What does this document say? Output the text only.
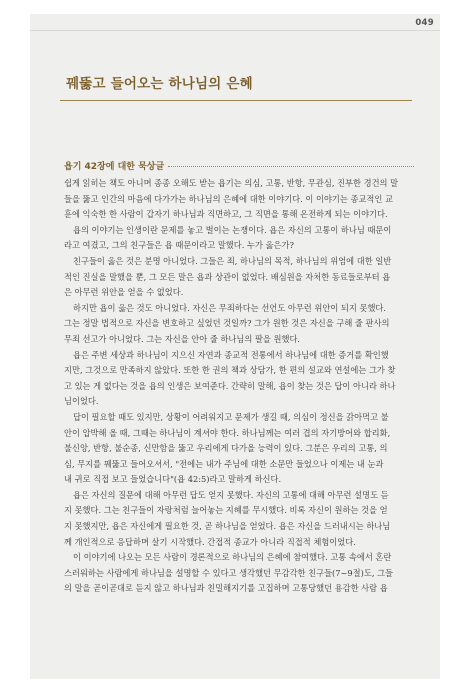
049
꿰뚫고 들어오는 하나님의 은혜
욥기 42장에 대한 묵상글
쉽게 읽히는 책도 아니며 종종 오해도 받는 욥기는 의심, 고통, 반항, 무관심, 진부한 경건의 말
들을 뚫고 인간의 마음에 다가가는 하나님의 은혜에 대한 이야기다. 이 이야기는 종교적인 교
훈에 익숙한 한 사람이 갑자기 하나님과 직면하고, 그 직면을 통해 온전하게 되는 이야기다.
욥의 이야기는 인생이란 문제를 놓고 벌이는 논쟁이다. 욥은 자신의 고통이 하나님 때문이
라고 여겼고, 그의 친구들은 욥 때문이라고 말했다. 누가 옳은가?
친구들이 옳은 것은 분명 아니었다. 그들은 죄, 하나님의 목적, 하나님의 위엄에 대한 일반
적인 진실을 말했을 뿐, 그 모든 말은 욥과 상관이 없었다. 배심원을 자처한 동료들로부터 욥
은 아무런 위안을 얻을 수 없었다.
하지만 욥이 옳은 것도 아니었다. 자신은 무죄하다는 선언도 아무런 위안이 되지 못했다.
그는 정말 법적으로 자신을 변호하고 싶었던 것일까? 그가 원한 것은 자신을 구해 줄 판사의
무죄 선고가 아니었다. 그는 자신을 안아 줄 하나님의 팔을 원했다.
욥은 주변 세상과 하나님이 지으신 자연과 종교적 전통에서 하나님에 대한 증거를 확인했
지만, 그것으로 만족하지 않았다. 또한 한 권의 책과 상담가, 한 편의 설교와 연설에는 그가 찾
고 있는 게 없다는 것을 욥의 인생은 보여준다. 간략히 말해, 욥이 찾는 것은 답이 아니라 하나
님이었다.
답이 필요할 때도 있지만, 상황이 어려워지고 문제가 생길 때, 의심이 정신을 갉아먹고 불
안이 압박해 올 때, 그때는 하나님이 계셔야 한다. 하나님께는 여러 겹의 자기방어와 합리화,
불신앙, 반항, 불순종, 신만함을 뚫고 우리에게 다가올 능력이 있다. 그분은 우리의 고통, 의
심, 무지를 꿰뚫고 들어오셔서, "전에는 내가 주님에 대한 소문만 들었으나 이제는 내 눈과
내 귀로 직접 보고 들었습니다"(욥 42:5)라고 말하게 하신다.
욥은 자신의 질문에 대해 아무런 답도 얻지 못했다. 자신의 고통에 대해 아무런 설명도 듣
지 못했다. 그는 친구들이 자랑처럼 늘어놓는 지혜를 무시했다. 비록 자신이 원하는 것을 얻
지 못했지만, 욥은 자신에게 필요한 것, 곧 하나님을 얻었다. 욥은 자신을 드러내시는 하나님
께 개인적으로 응답하며 살기 시작했다. 간접적 종교가 아니라 직접적 체험이었다.
이 이야기에 나오는 모든 사람이 경론적으로 하나님의 은혜에 참여했다. 고통 속에서 혼란
스러워하는 사람에게 하나님을 설명할 수 있다고 생각했던 무감각한 친구들(7~9절)도, 그들
의 말을 곧이곧대로 듣지 않고 하나님과 친밀해지기를 고집하며 고통당했던 용감한 사람 욥
